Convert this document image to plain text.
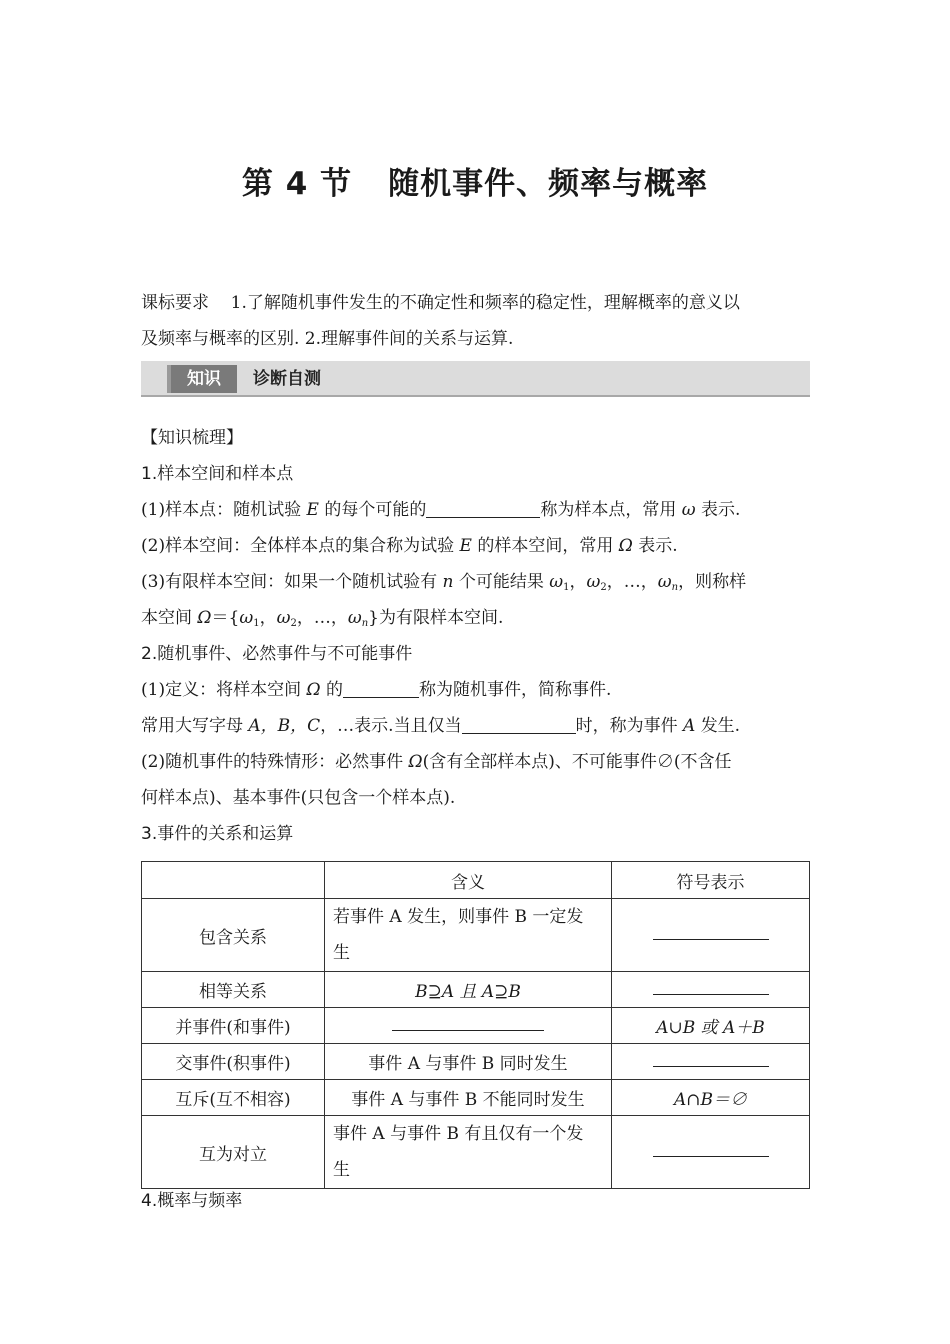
第 4 节 随机事件、频率与概率
课标要求 1.了解随机事件发生的不确定性和频率的稳定性，理解概率的意义以
及频率与概率的区别. 2.理解事件间的关系与运算.
知识	诊断自测
【知识梳理】
1.样本空间和样本点
(1)样本点：随机试验 E 的每个可能的	称为样本点，常用 ω 表示.
(2)样本空间：全体样本点的集合称为试验 E 的样本空间，常用 Ω 表示.
(3)有限样本空间：如果一个随机试验有 n 个可能结果 $\omega_1$，$\omega_2$，…，$\omega_n$，则称样
本空间 $\Omega=\{\omega_1$，$\omega_2$，…，$\omega_n$}为有限样本空间.
2.随机事件、必然事件与不可能事件
(1)定义：将样本空间 Ω 的	称为随机事件，简称事件.
常用大写字母 A，B，C，…表示.当且仅当	时，称为事件 A 发生.
(2)随机事件的特殊情形：必然事件 Ω(含有全部样本点)、不可能事件∅(不含任
何样本点)、基本事件(只包含一个样本点).
3.事件的关系和运算
	含义	符号表示
包含关系	若事件 A 发生，则事件 B 一定发
生	

相等关系	B⊇A 且 A⊇B	
并事件(和事件)		A∪B 或 A＋B
交事件(积事件)	事件 A 与事件 B 同时发生	
互斥(互不相容)	事件 A 与事件 B 不能同时发生	A∩B＝∅
互为对立	事件 A 与事件 B 有且仅有一个发
生	

4.概率与频率
